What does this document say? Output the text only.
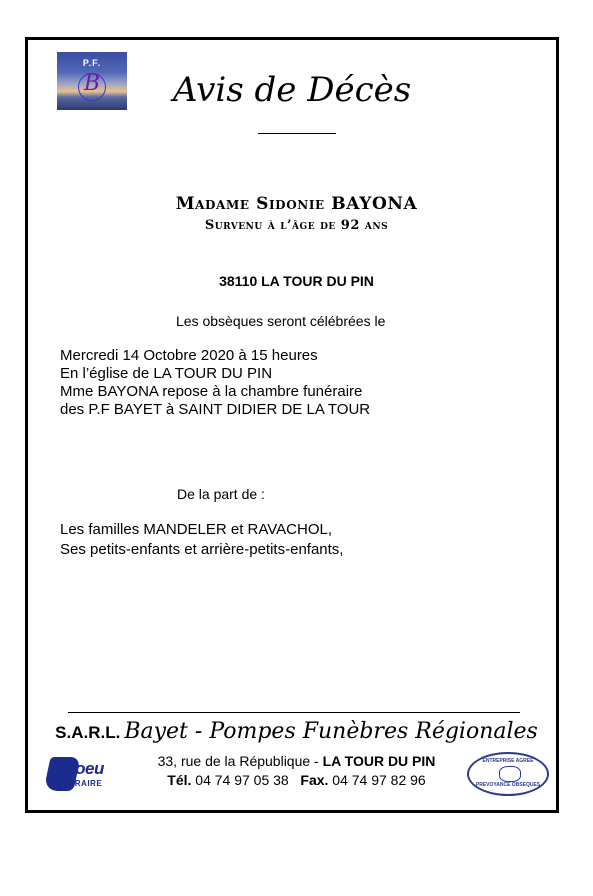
P.F.
B	Avis de Décès
Madame Sidonie BAYONA
Survenu à l’âge de 92 ans
38110 LA TOUR DU PIN
Les obsèques seront célébrées le
Mercredi 14 Octobre 2020 à 15 heures
En l’église de LA TOUR DU PIN
Mme BAYONA repose à la chambre funéraire
des P.F BAYET à SAINT DIDIER DE LA TOUR
De la part de :
Les familles MANDELER et RAVACHOL,
Ses petits-enfants et arrière-petits-enfants,
S.A.R.L. Bayet - Pompes Funèbres Régionales
33, rue de la République - LA TOUR DU PIN
Tél. 04 74 97 05 38 Fax. 04 74 97 82 96
levoeu
FUNERAIRE
ENTREPRISE AGREE
PREVOYANCE OBSEQUES
